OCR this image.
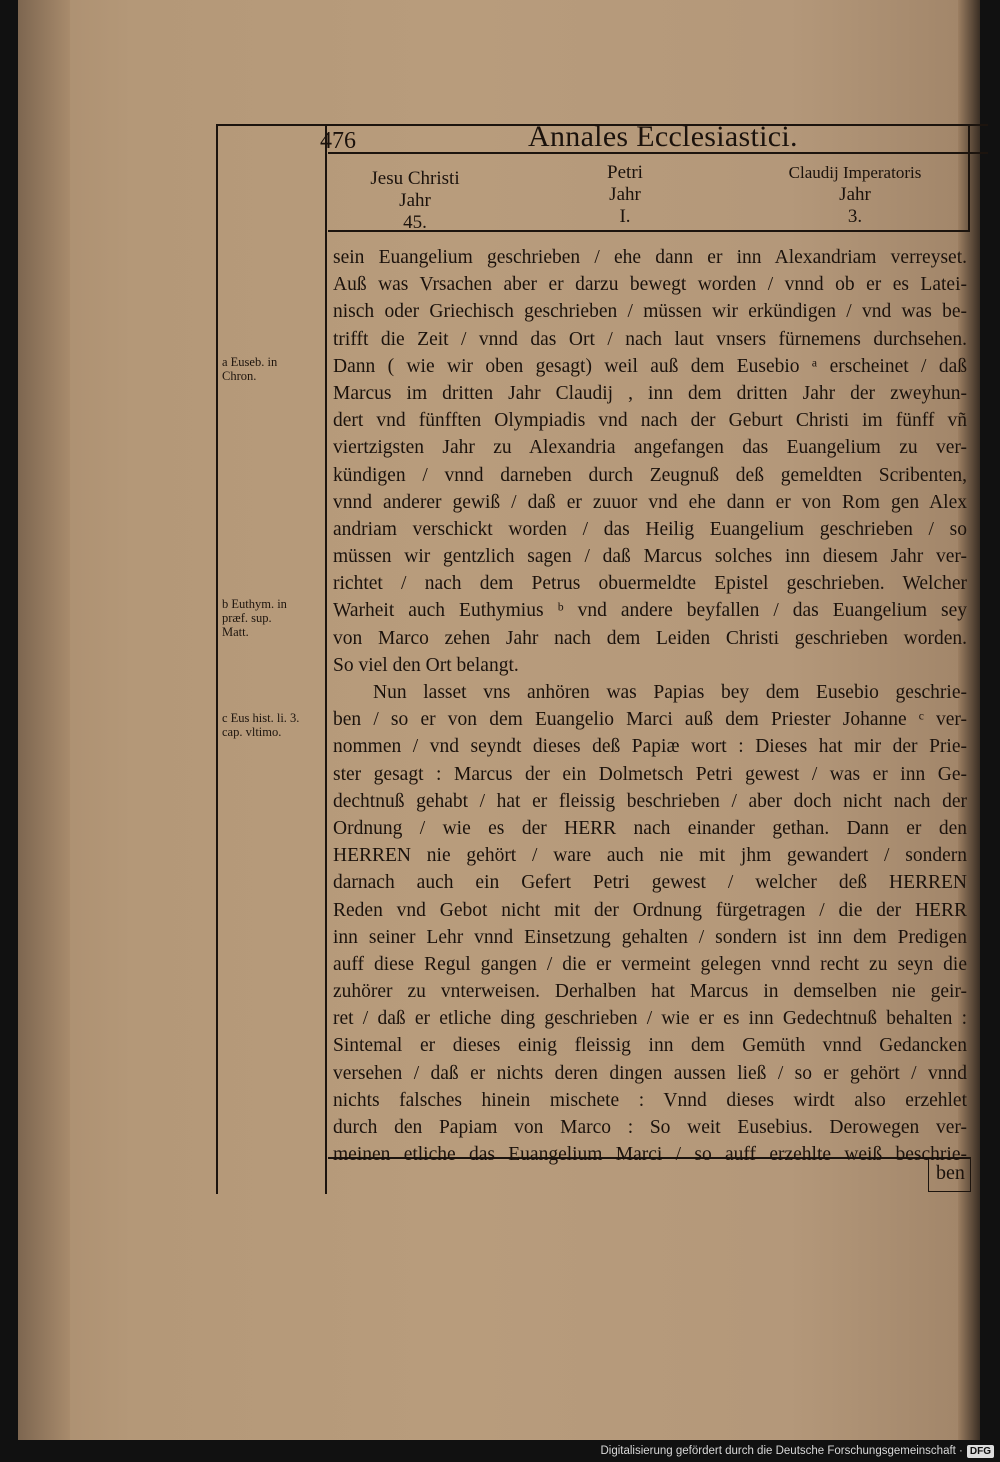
476	Annales Ecclesiastici.
Jesu Christi
Jahr
45.
Petri
Jahr
I.
Claudij Imperatoris
Jahr
3.
a Euseb. in
Chron.
b Euthym. in
præf. sup.
Matt.
c Eus hist. li. 3.
cap. vltimo.
sein Euangelium geschrieben / ehe dann er inn Alexandriam verreyset.
Auß was Vrsachen aber er darzu bewegt worden / vnnd ob er es Latei-
nisch oder Griechisch geschrieben / müssen wir erkündigen / vnd was be-
trifft die Zeit / vnnd das Ort / nach laut vnsers fürnemens durchsehen.
Dann ( wie wir oben gesagt) weil auß dem Eusebio ᵃ erscheinet / daß
Marcus im dritten Jahr Claudij , inn dem dritten Jahr der zweyhun-
dert vnd fünfften Olympiadis vnd nach der Geburt Christi im fünff vñ
viertzigsten Jahr zu Alexandria angefangen das Euangelium zu ver-
kündigen / vnnd darneben durch Zeugnuß deß gemeldten Scribenten,
vnnd anderer gewiß / daß er zuuor vnd ehe dann er von Rom gen Alex
andriam verschickt worden / das Heilig Euangelium geschrieben / so
müssen wir gentzlich sagen / daß Marcus solches inn diesem Jahr ver-
richtet / nach dem Petrus obuermeldte Epistel geschrieben. Welcher
Warheit auch Euthymius ᵇ vnd andere beyfallen / das Euangelium sey
von Marco zehen Jahr nach dem Leiden Christi geschrieben worden.
So viel den Ort belangt.
Nun lasset vns anhören was Papias bey dem Eusebio geschrie-
ben / so er von dem Euangelio Marci auß dem Priester Johanne ᶜ ver-
nommen / vnd seyndt dieses deß Papiæ wort : Dieses hat mir der Prie-
ster gesagt : Marcus der ein Dolmetsch Petri gewest / was er inn Ge-
dechtnuß gehabt / hat er fleissig beschrieben / aber doch nicht nach der
Ordnung / wie es der HERR nach einander gethan. Dann er den
HERREN nie gehört / ware auch nie mit jhm gewandert / sondern
darnach auch ein Gefert Petri gewest / welcher deß HERREN
Reden vnd Gebot nicht mit der Ordnung fürgetragen / die der HERR
inn seiner Lehr vnnd Einsetzung gehalten / sondern ist inn dem Predigen
auff diese Regul gangen / die er vermeint gelegen vnnd recht zu seyn die
zuhörer zu vnterweisen. Derhalben hat Marcus in demselben nie geir-
ret / daß er etliche ding geschrieben / wie er es inn Gedechtnuß behalten :
Sintemal er dieses einig fleissig inn dem Gemüth vnnd Gedancken
versehen / daß er nichts deren dingen aussen ließ / so er gehört / vnnd
nichts falsches hinein mischete : Vnnd dieses wirdt also erzehlet
durch den Papiam von Marco : So weit Eusebius. Derowegen ver-
meinen etliche das Euangelium Marci / so auff erzehlte weiß beschrie-
ben
Digitalisierung gefördert durch die Deutsche Forschungsgemeinschaft · DFG
